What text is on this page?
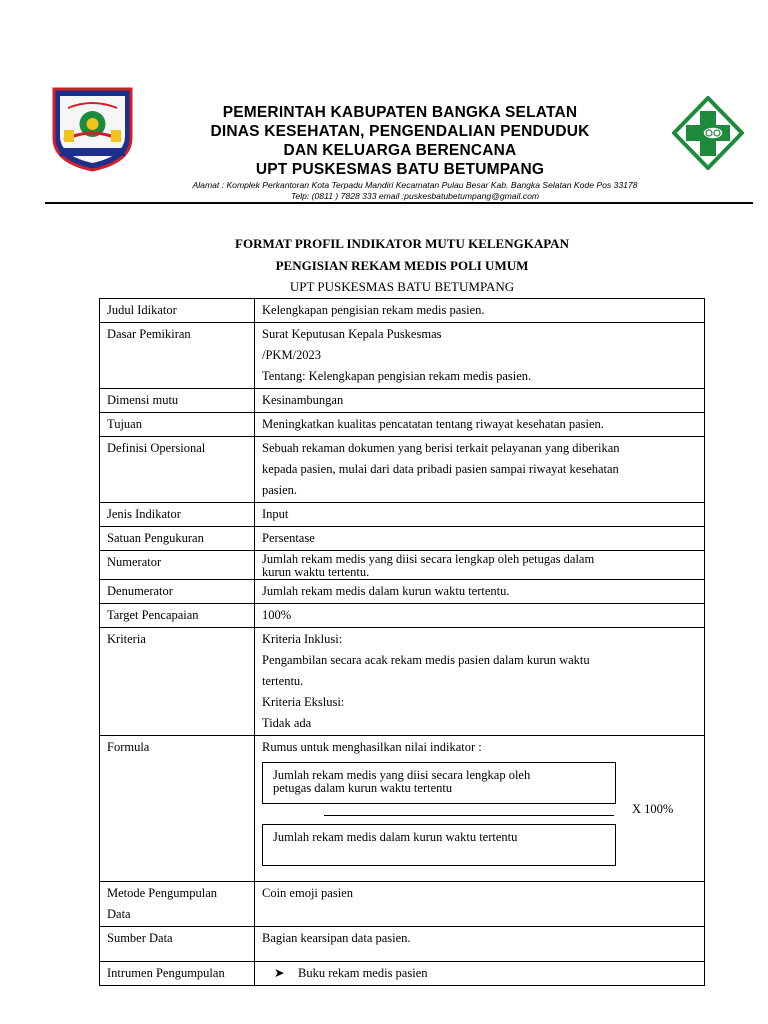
PEMERINTAH KABUPATEN BANGKA SELATAN
DINAS KESEHATAN, PENGENDALIAN PENDUDUK
DAN KELUARGA BERENCANA
UPT PUSKESMAS BATU BETUMPANG
Alamat : Komplek Perkantoran Kota Terpadu Mandiri Kecamatan Pulau Besar Kab. Bangka Selatan Kode Pos 33178
Telp: (0811 ) 7828 333 email :puskesbatubetumpang@gmail.com
FORMAT PROFIL INDIKATOR MUTU KELENGKAPAN
PENGISIAN REKAM MEDIS POLI UMUM
UPT PUSKESMAS BATU BETUMPANG
Judul Idikator	Kelengkapan pengisian rekam medis pasien.
Dasar Pemikiran	Surat Keputusan Kepala Puskesmas
/PKM/2023
Tentang: Kelengkapan pengisian rekam medis pasien.

Dimensi mutu	Kesinambungan
Tujuan	Meningkatkan kualitas pencatatan tentang riwayat kesehatan pasien.
Definisi Opersional	Sebuah rekaman dokumen yang berisi terkait pelayanan yang diberikan
kepada pasien, mulai dari data pribadi pasien sampai riwayat kesehatan
pasien.

Jenis Indikator	Input
Satuan Pengukuran	Persentase
Numerator	Jumlah rekam medis yang diisi secara lengkap oleh petugas dalam
kurun waktu tertentu.

Denumerator	Jumlah rekam medis dalam kurun waktu tertentu.
Target Pencapaian	100%
Kriteria	Kriteria Inklusi:
Pengambilan secara acak rekam medis pasien dalam kurun waktu
tertentu.
Kriteria Ekslusi:
Tidak ada

Formula	Rumus untuk menghasilkan nilai indikator :
Jumlah rekam medis yang diisi secara lengkap oleh
petugas dalam kurun waktu tertentu
X 100%
Jumlah rekam medis dalam kurun waktu tertentu

Metode Pengumpulan
Data	Coin emoji pasien
Sumber Data	Bagian kearsipan data pasien.
Intrumen Pengumpulan	➤ Buku rekam medis pasien
